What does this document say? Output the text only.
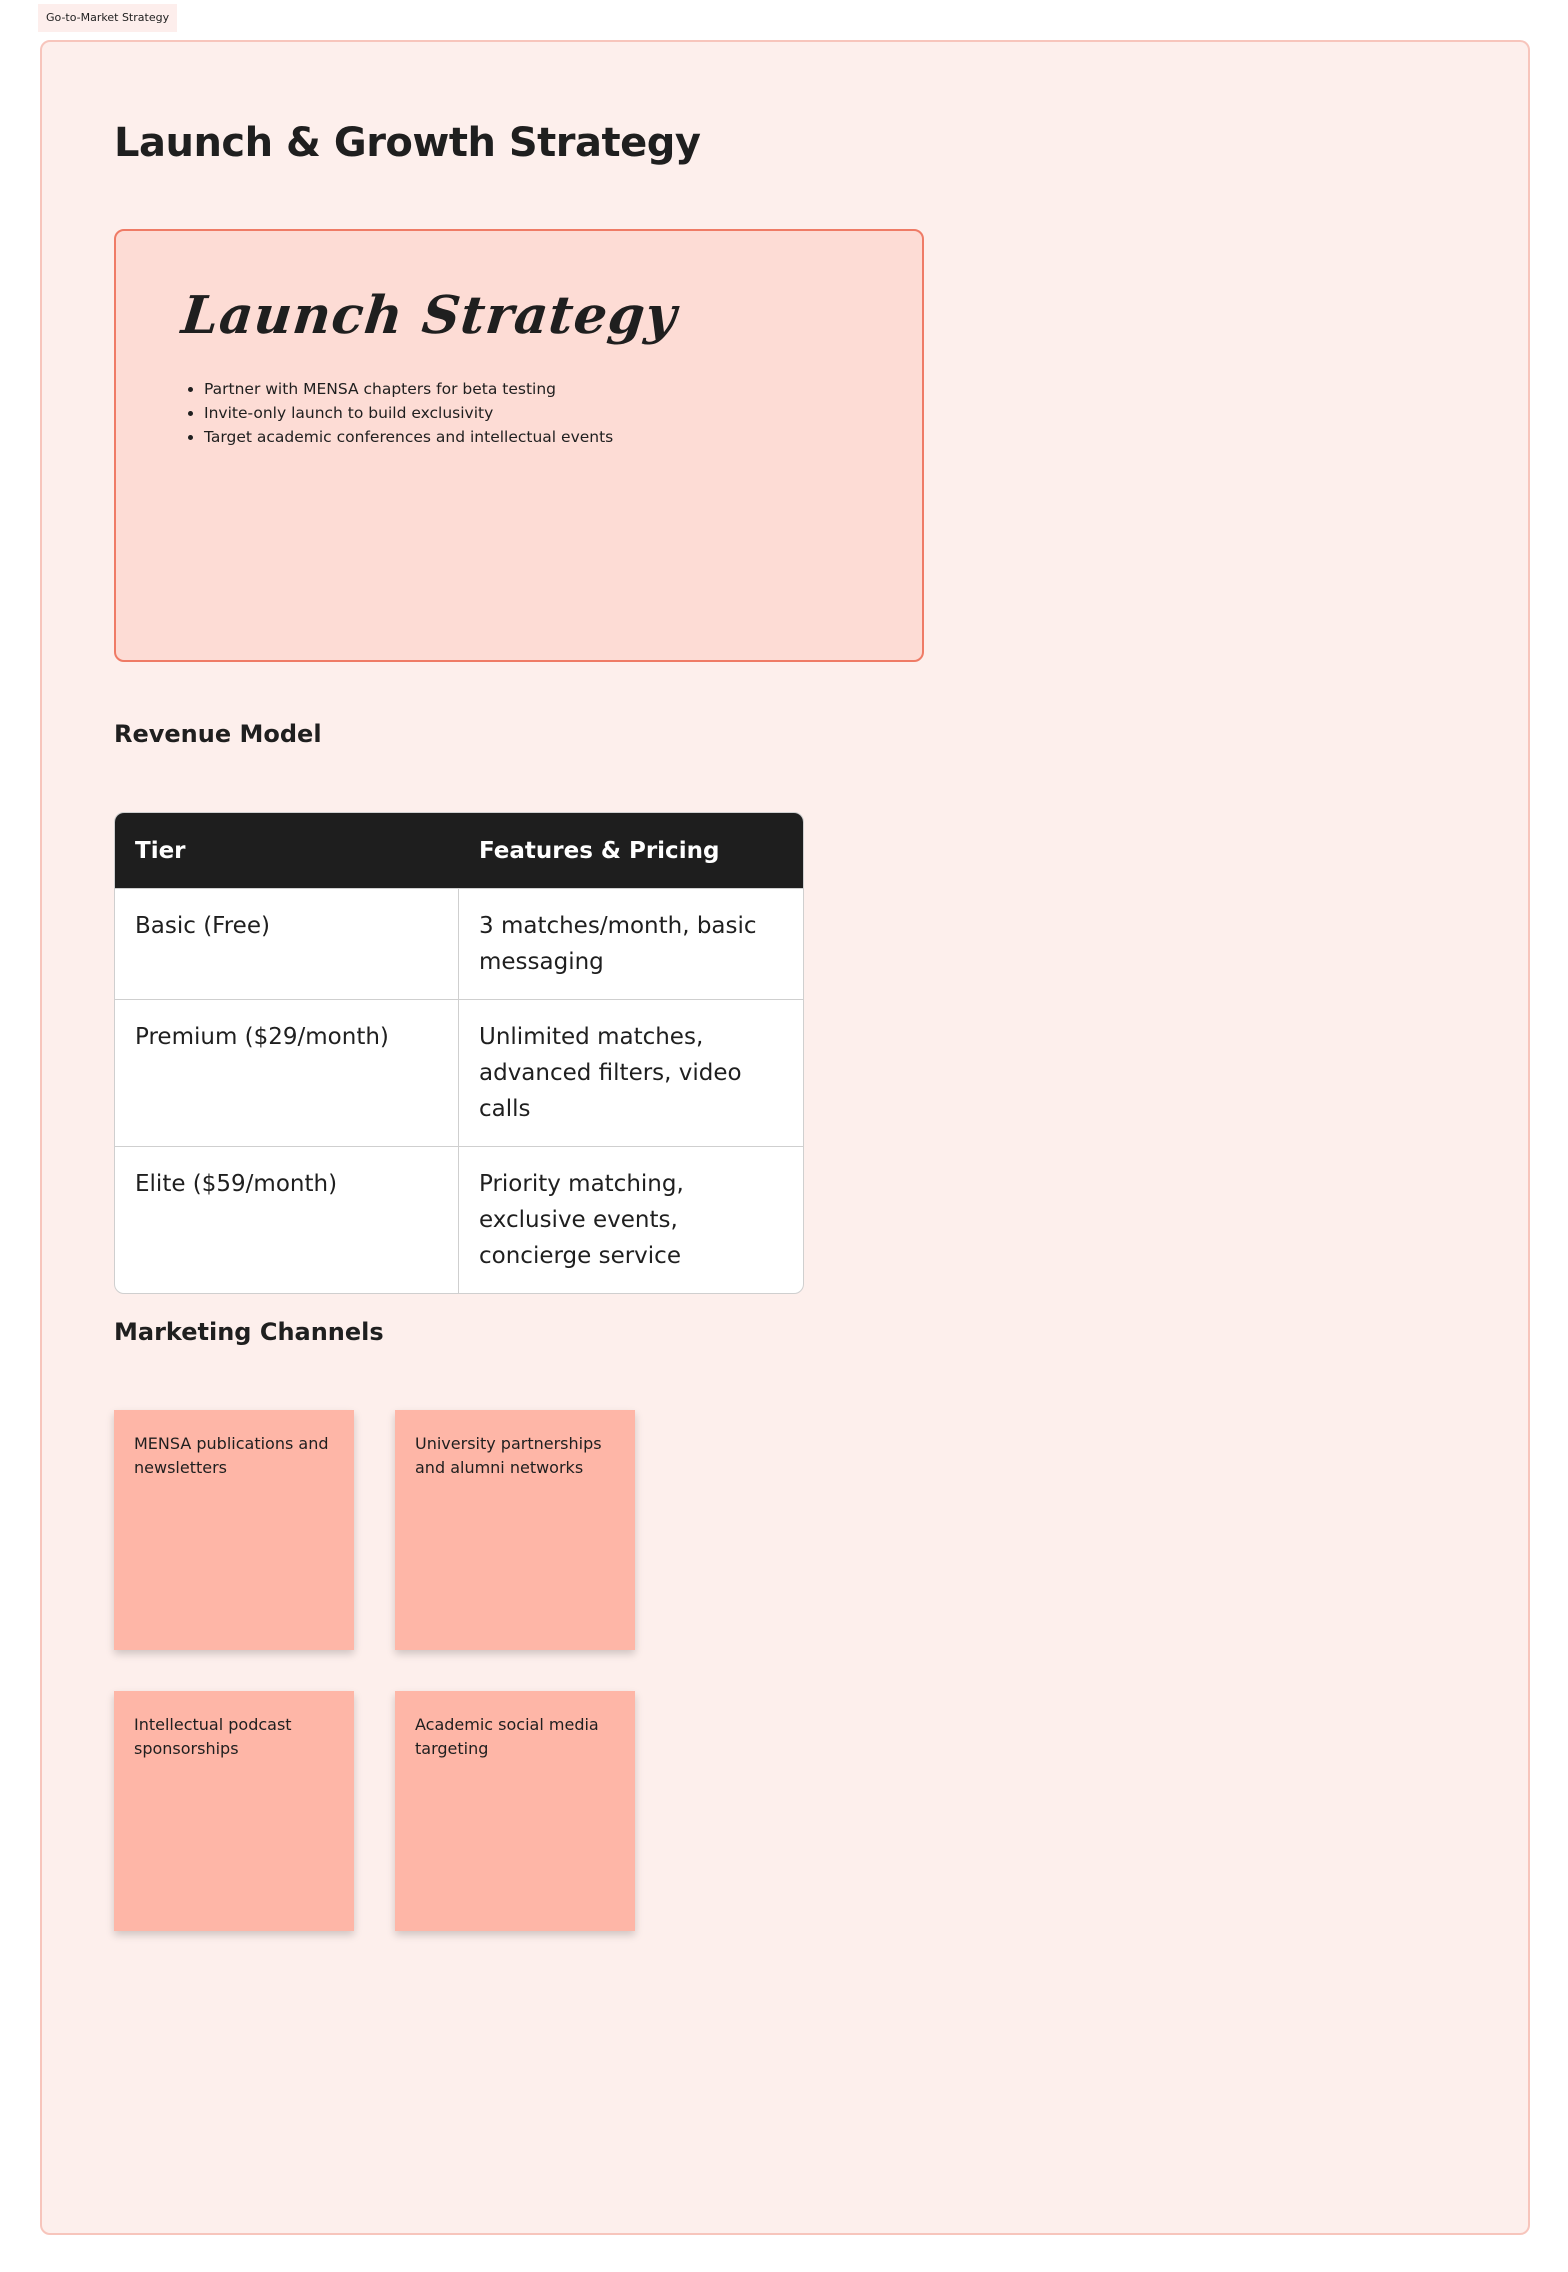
Go-to-Market Strategy
Launch & Growth Strategy
Launch Strategy
• Partner with MENSA chapters for beta testing
• Invite-only launch to build exclusivity
• Target academic conferences and intellectual events
Revenue Model
Tier	Features & Pricing
Basic (Free)	3 matches/month, basic messaging
Premium ($29/month)	Unlimited matches, advanced filters, video calls
Elite ($59/month)	Priority matching, exclusive events, concierge service
Marketing Channels
MENSA publications and newsletters
University partnerships and alumni networks
Intellectual podcast sponsorships
Academic social media targeting
